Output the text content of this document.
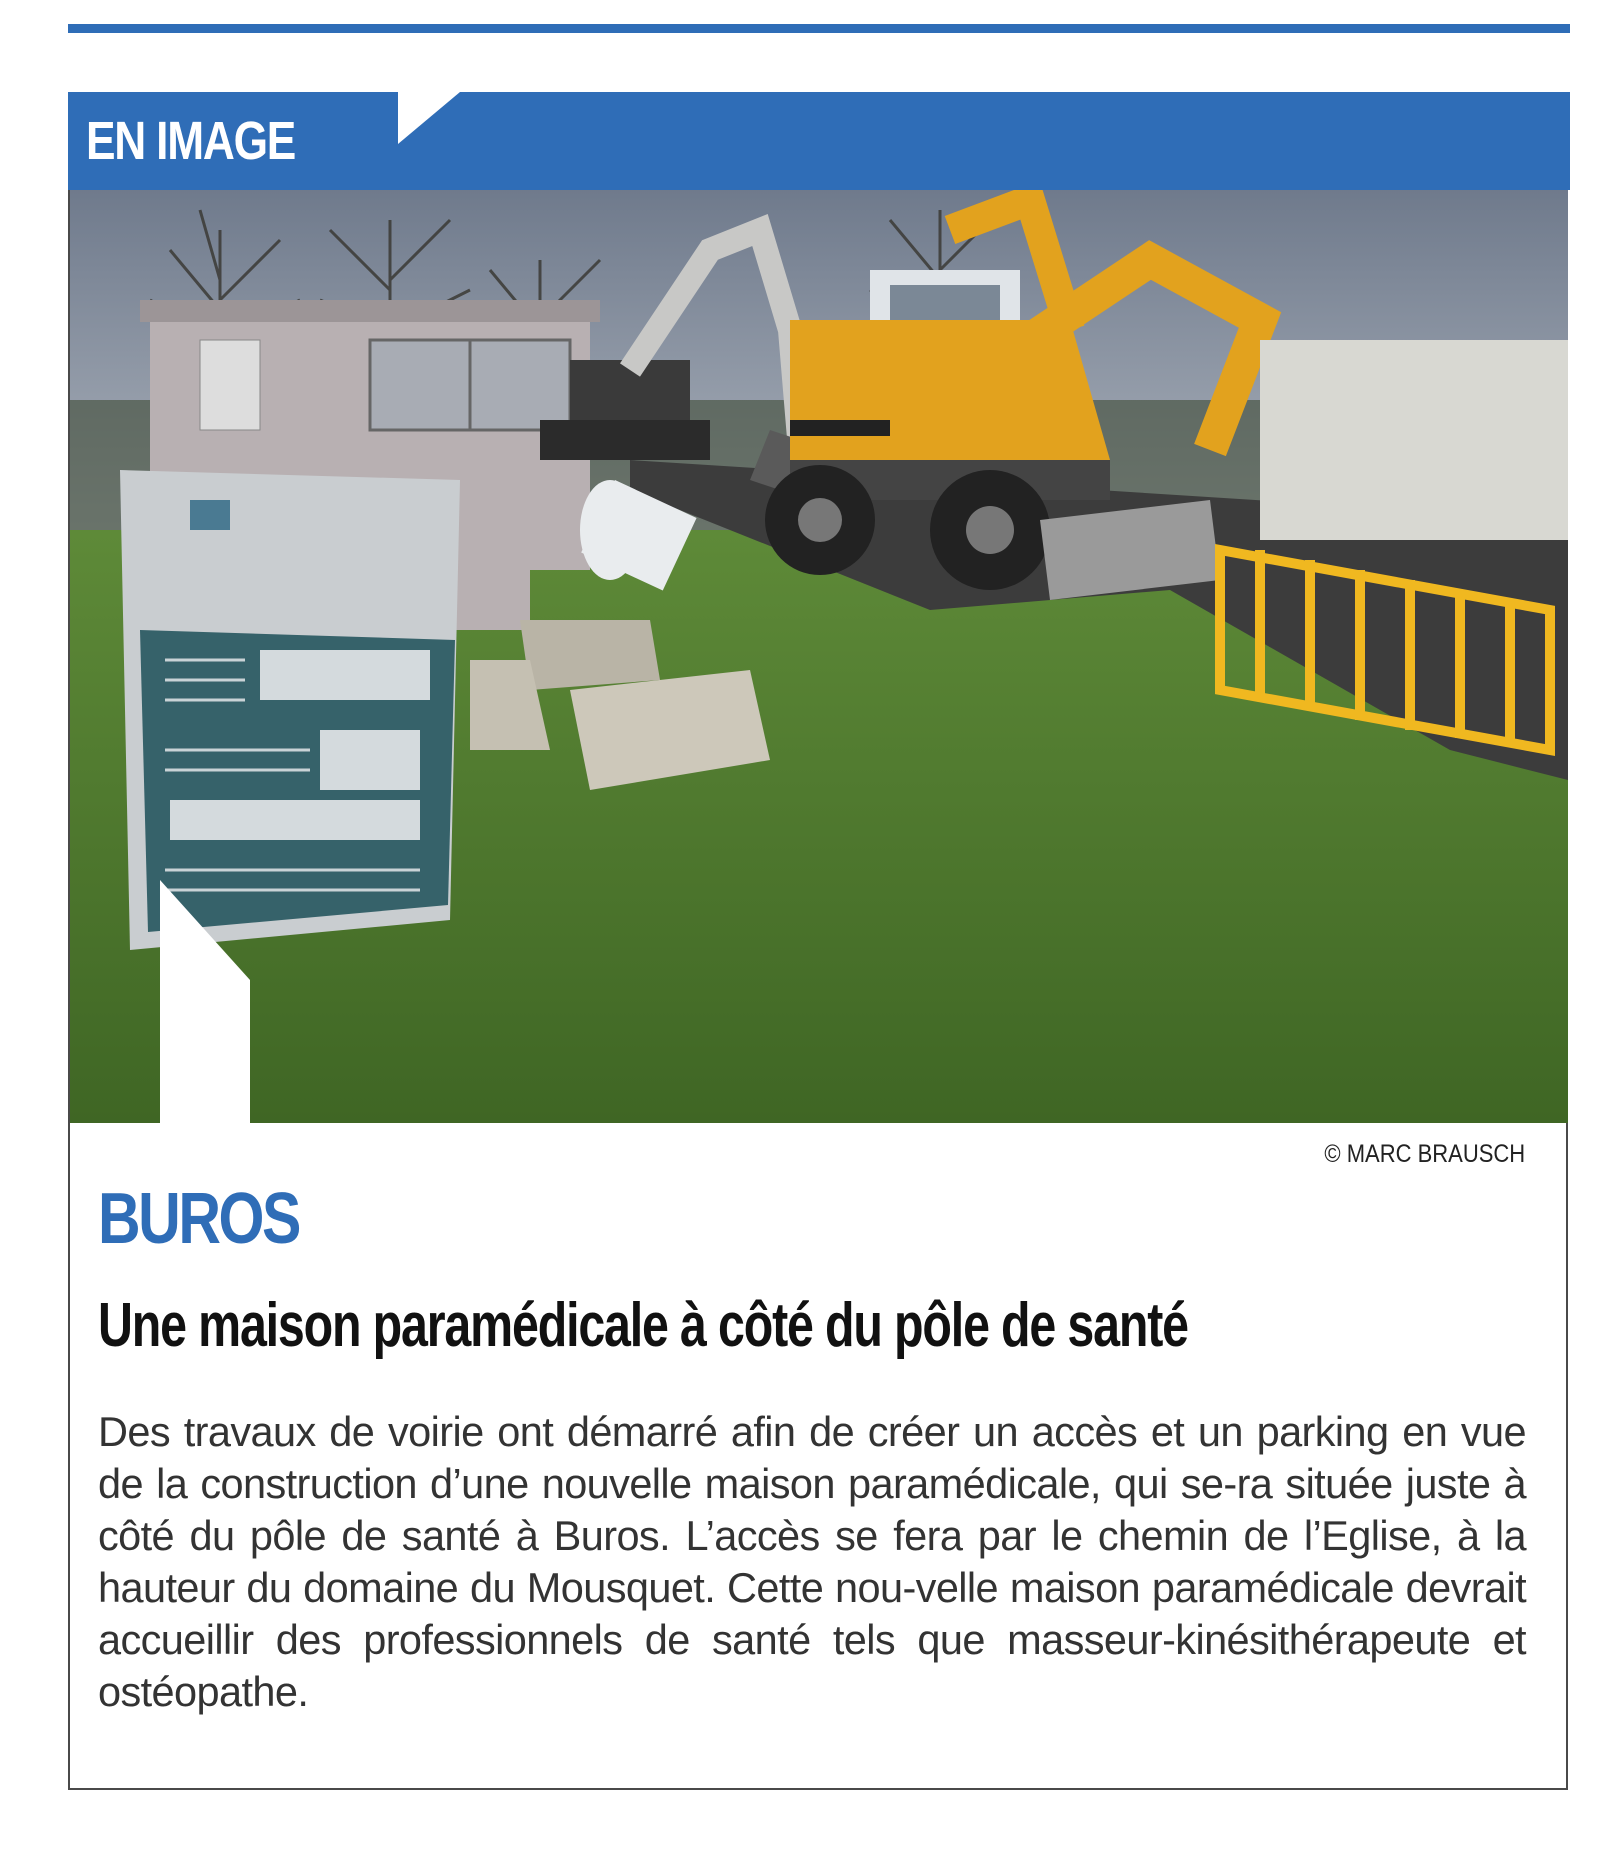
EN IMAGE
© MARC BRAUSCH
BUROS
Une maison paramédicale à côté du pôle de santé
Des travaux de voirie ont démarré afin de créer un accès et un parking en vue de la construction d’une nouvelle maison paramédicale, qui se-ra située juste à côté du pôle de santé à Buros. L’accès se fera par le chemin de l’Eglise, à la hauteur du domaine du Mousquet. Cette nou-velle maison paramédicale devrait accueillir des professionnels de santé tels que masseur-kinésithérapeute et ostéopathe.
